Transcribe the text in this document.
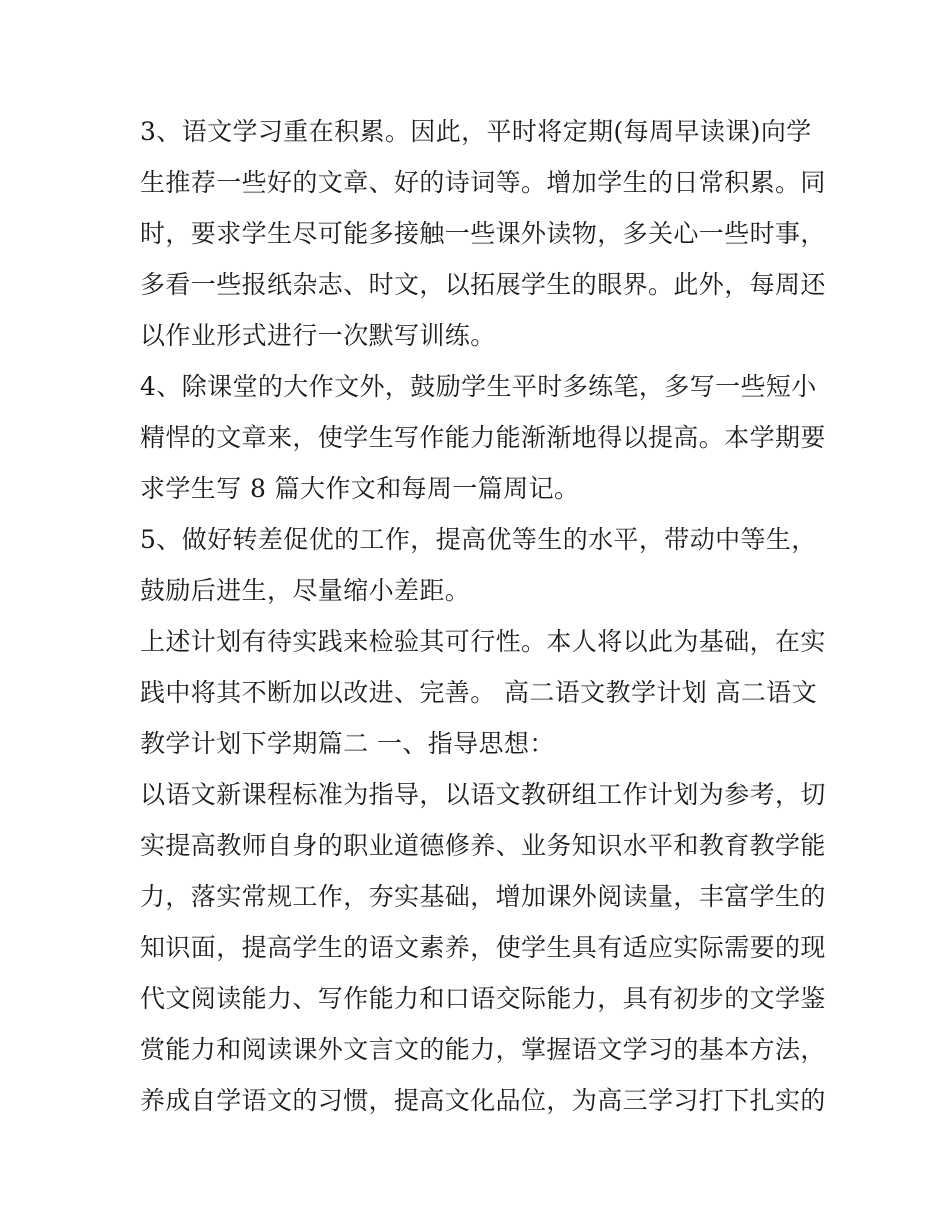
3、语文学习重在积累。因此，平时将定期(每周早读课)向学
生推荐一些好的文章、好的诗词等。增加学生的日常积累。同
时，要求学生尽可能多接触一些课外读物，多关心一些时事，
多看一些报纸杂志、时文，以拓展学生的眼界。此外，每周还
以作业形式进行一次默写训练。
4、除课堂的大作文外，鼓励学生平时多练笔，多写一些短小
精悍的文章来，使学生写作能力能渐渐地得以提高。本学期要
求学生写 8 篇大作文和每周一篇周记。
5、做好转差促优的工作，提高优等生的水平，带动中等生，
鼓励后进生，尽量缩小差距。
上述计划有待实践来检验其可行性。本人将以此为基础，在实
践中将其不断加以改进、完善。 高二语文教学计划 高二语文
教学计划下学期篇二 一、指导思想：
以语文新课程标准为指导，以语文教研组工作计划为参考，切
实提高教师自身的职业道德修养、业务知识水平和教育教学能
力，落实常规工作，夯实基础，增加课外阅读量，丰富学生的
知识面，提高学生的语文素养，使学生具有适应实际需要的现
代文阅读能力、写作能力和口语交际能力，具有初步的文学鉴
赏能力和阅读课外文言文的能力，掌握语文学习的基本方法，
养成自学语文的习惯，提高文化品位，为高三学习打下扎实的
